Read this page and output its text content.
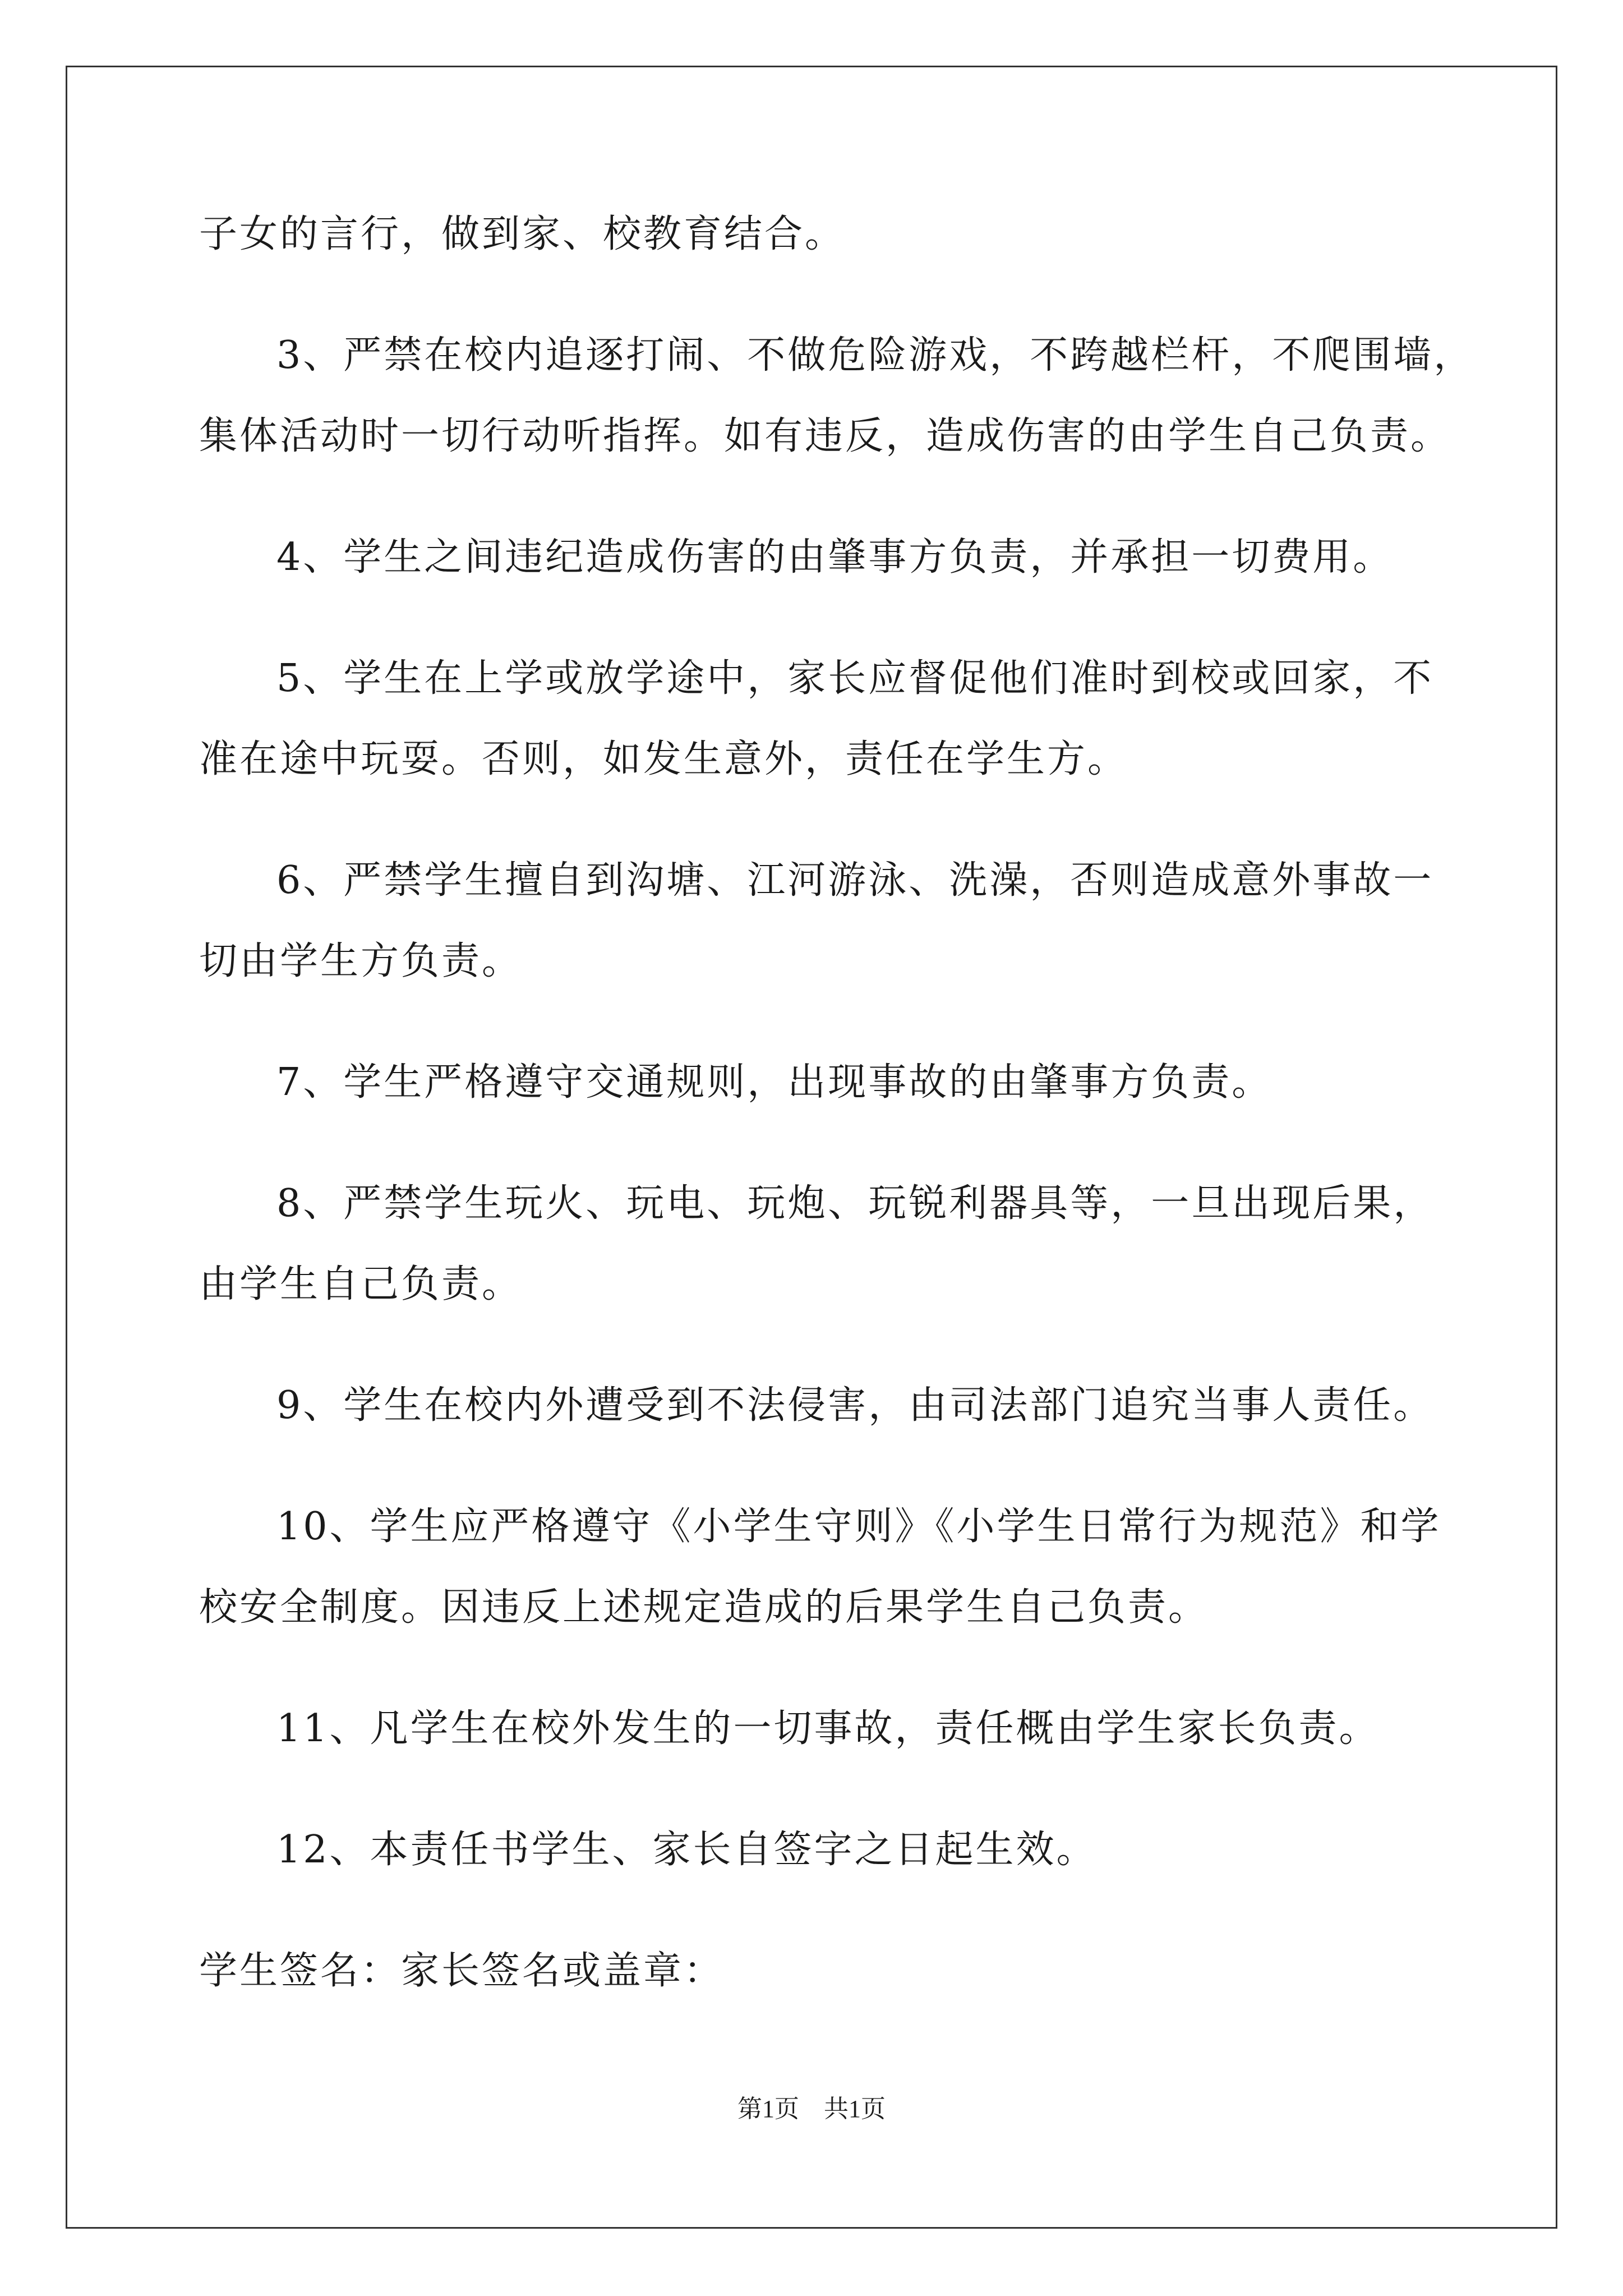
子女的言行，做到家、校教育结合。
3、严禁在校内追逐打闹、不做危险游戏，不跨越栏杆，不爬围墙，
集体活动时一切行动听指挥。如有违反，造成伤害的由学生自己负责。
4、学生之间违纪造成伤害的由肇事方负责，并承担一切费用。
5、学生在上学或放学途中，家长应督促他们准时到校或回家，不
准在途中玩耍。否则，如发生意外，责任在学生方。
6、严禁学生擅自到沟塘、江河游泳、洗澡，否则造成意外事故一
切由学生方负责。
7、学生严格遵守交通规则，出现事故的由肇事方负责。
8、严禁学生玩火、玩电、玩炮、玩锐利器具等，一旦出现后果，
由学生自己负责。
9、学生在校内外遭受到不法侵害，由司法部门追究当事人责任。
10、学生应严格遵守《小学生守则》《小学生日常行为规范》和学
校安全制度。因违反上述规定造成的后果学生自己负责。
11、凡学生在校外发生的一切事故，责任概由学生家长负责。
12、本责任书学生、家长自签字之日起生效。
学生签名：家长签名或盖章：
第1页 共1页
